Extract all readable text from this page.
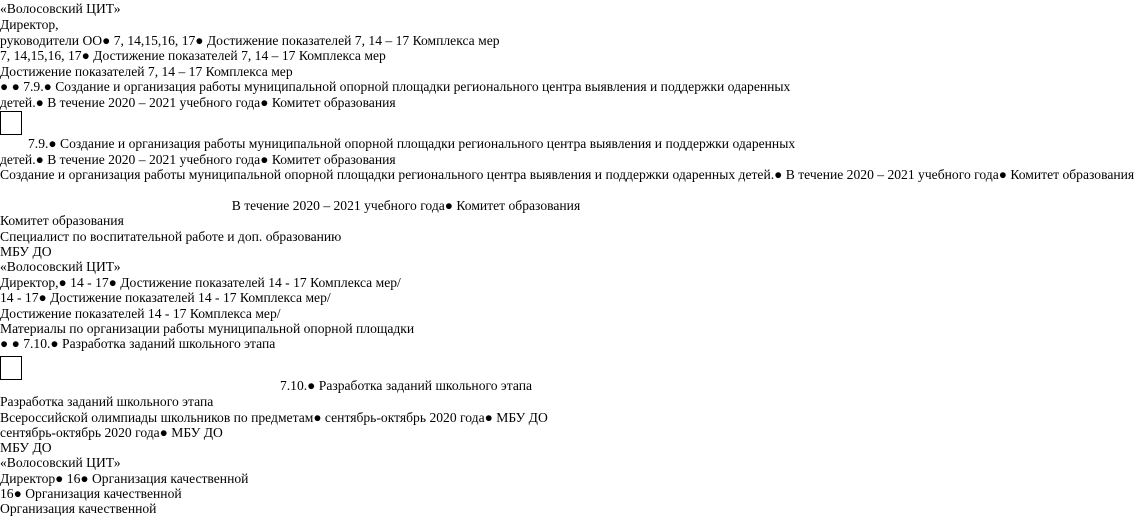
«Волосовский ЦИТ»

Директор,

руководители ОО● 7, 14,15,16, 17● Достижение показателей 7, 14 – 17 Комплекса мер

7, 14,15,16, 17● Достижение показателей 7, 14 – 17 Комплекса мер

Достижение показателей 7, 14 – 17 Комплекса мер

● ● 7.9.● Создание и организация работы муниципальной опорной площадки регионального центра выявления и поддержки одаренных детей.● В течение 2020 – 2021 учебного года● Комитет образования

7.9.● Создание и организация работы муниципальной опорной площадки регионального центра выявления и поддержки одаренных детей.● В течение 2020 – 2021 учебного года● Комитет образования

Создание и организация работы муниципальной опорной площадки регионального центра выявления и поддержки одаренных детей.● В течение 2020 – 2021 учебного года● Комитет образования

В течение 2020 – 2021 учебного года● Комитет образования

Комитет образования

Специалист по воспитательной работе и доп. образованию

МБУ ДО

«Волосовский ЦИТ»

Директор,● 14 - 17● Достижение показателей 14 - 17 Комплекса мер/

14 - 17● Достижение показателей 14 - 17 Комплекса мер/

Достижение показателей 14 - 17 Комплекса мер/

Материалы по организации работы муниципальной опорной площадки

● ● 7.10.● Разработка заданий школьного этапа

7.10.● Разработка заданий школьного этапа

Разработка заданий школьного этапа

Всероссийской олимпиады школьников по предметам● сентябрь-октябрь 2020 года● МБУ ДО

сентябрь-октябрь 2020 года● МБУ ДО

МБУ ДО

«Волосовский ЦИТ»

Директор● 16● Организация качественной

16● Организация качественной

Организация качественной
